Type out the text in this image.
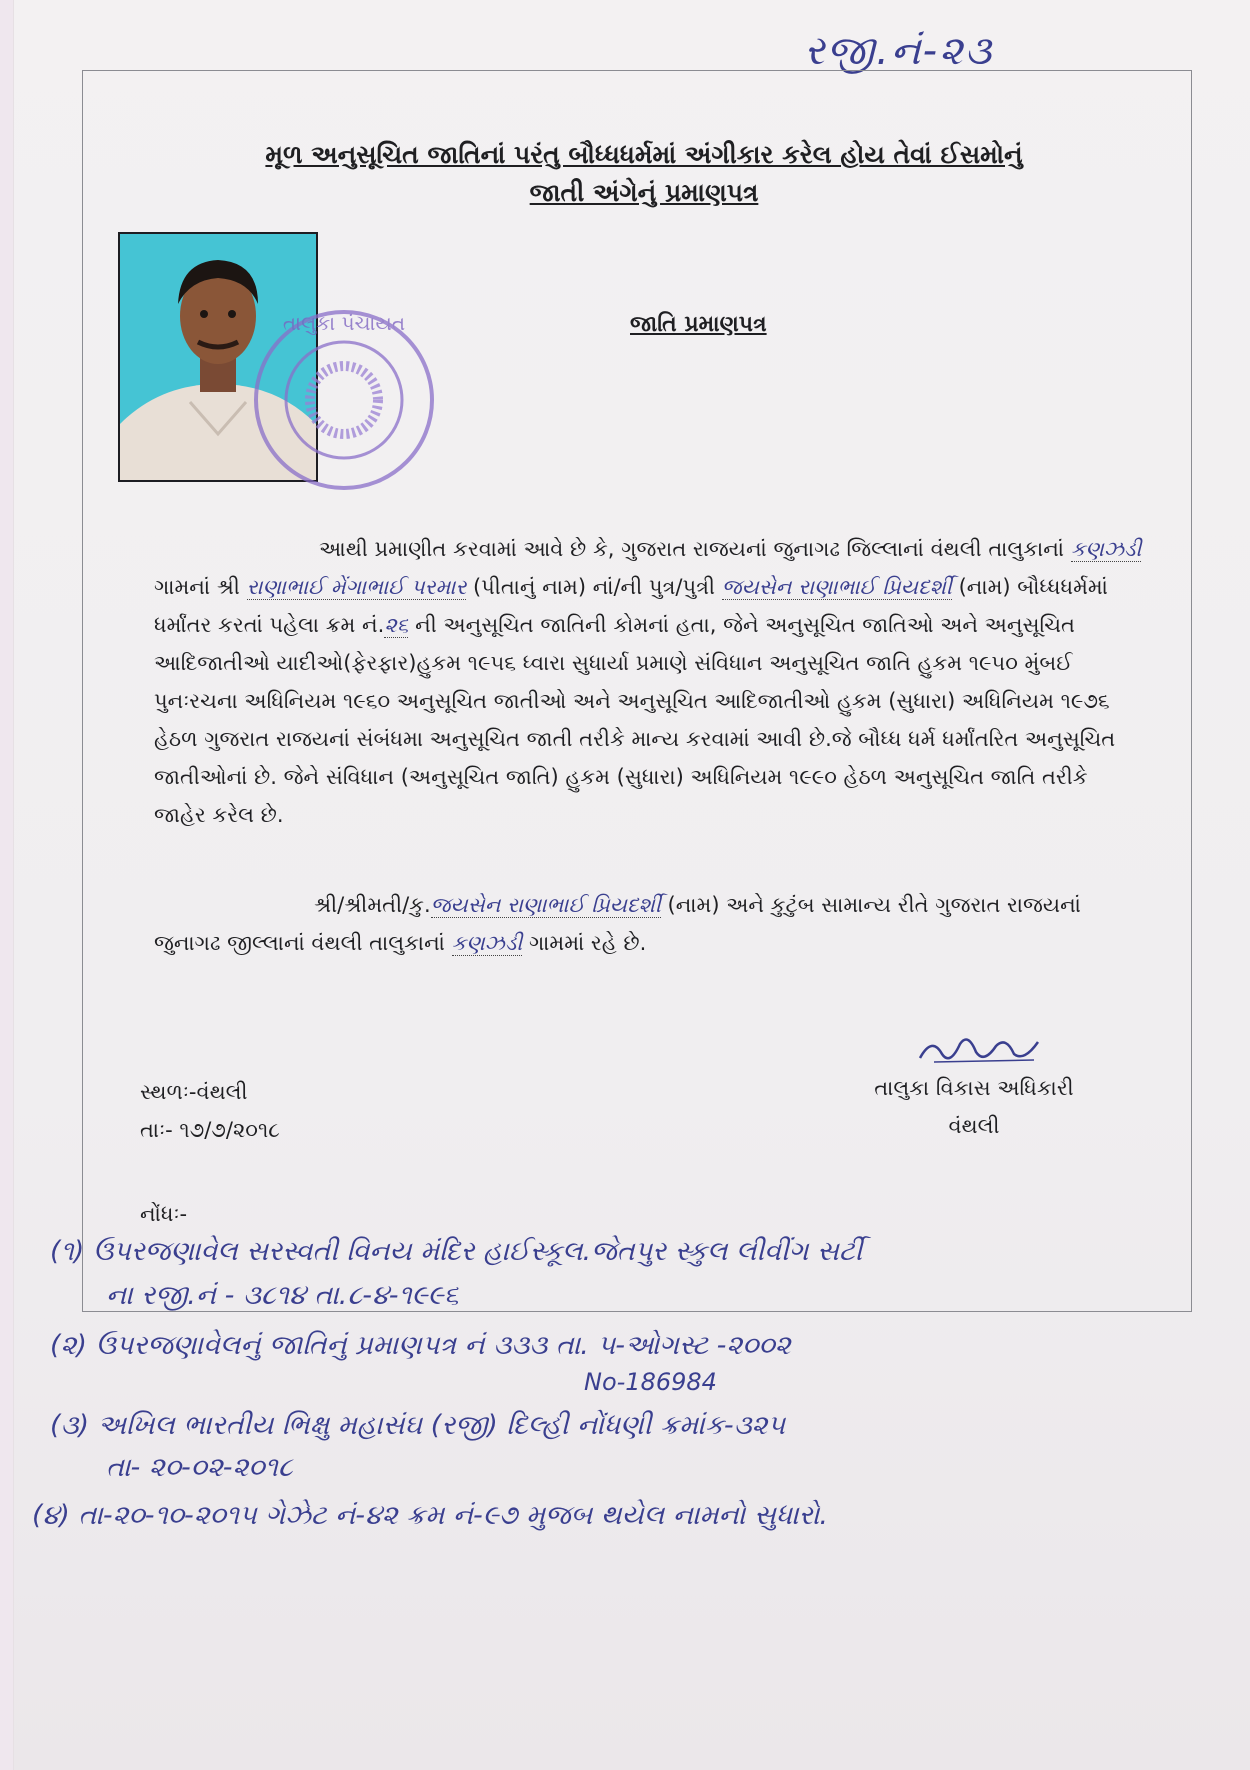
રજી.નં-૨૩
મૂળ અનુસૂચિત જાતિનાં પરંતુ બૌધ્ધધર્મમાં અંગીકાર કરેલ હોય તેવાં ઈસમોનું
જાતી અંગેનું પ્રમાણપત્ર
તાલુકા પંચાયત	જાતિ પ્રમાણપત્ર
આથી પ્રમાણીત કરવામાં આવે છે કે, ગુજરાત રાજયનાં જુનાગઢ જિલ્લાનાં વંથલી તાલુકાનાં કણઝડી ગામનાં શ્રી રાણાભાઈ મેંગાભાઈ પરમાર (પીતાનું નામ) નાં/ની પુત્ર/પુત્રી જયસેન રાણાભાઈ પ્રિયદર્શી (નામ) બૌધ્ધધર્મમાં ધર્માંતર કરતાં પહેલા ક્રમ નં.૨૬ ની અનુસૂચિત જાતિની કોમનાં હતા, જેને અનુસૂચિત જાતિઓ અને અનુસૂચિત આદિજાતીઓ યાદીઓ(ફેરફાર)હુકમ ૧૯૫૬ ધ્વારા સુધાર્યા પ્રમાણે સંવિધાન અનુસૂચિત જાતિ હુકમ ૧૯૫૦ મુંબઈ પુનઃરચના અધિનિયમ ૧૯૬૦ અનુસૂચિત જાતીઓ અને અનુસૂચિત આદિજાતીઓ હુકમ (સુધારા) અધિનિયમ ૧૯૭૬ હેઠળ ગુજરાત રાજયનાં સંબંધમા અનુસૂચિત જાતી તરીકે માન્ય કરવામાં આવી છે.જે બૌધ્ધ ધર્મ ધર્માંતરિત અનુસૂચિત જાતીઓનાં છે. જેને સંવિધાન (અનુસૂચિત જાતિ) હુકમ (સુધારા) અધિનિયમ ૧૯૯૦ હેઠળ અનુસૂચિત જાતિ તરીકે જાહેર કરેલ છે.
શ્રી/શ્રીમતી/કુ.જયસેન રાણાભાઈ પ્રિયદર્શી (નામ) અને કુટુંબ સામાન્ય રીતે ગુજરાત રાજયનાં જુનાગઢ જીલ્લાનાં વંથલી તાલુકાનાં કણઝડી ગામમાં રહે છે.
સ્થળઃ-વંથલી
તાઃ- ૧૭/૭/૨૦૧૮
તાલુકા વિકાસ અધિકારી
વંથલી
નોંધઃ-
(૧) ઉપરજણાવેલ સરસ્વતી વિનય મંદિર હાઈસ્કૂલ.જેતપુર સ્કુલ લીવીંગ સર્ટી
ના રજી.નં - ૩૮૧૪ તા.૮-૪-૧૯૯૬
(૨) ઉપરજણાવેલનું જાતિનું પ્રમાણપત્ર નં ૩૩૩ તા. ૫-ઓગસ્ટ -૨૦૦૨
No-186984
(૩) અખિલ ભારતીય ભિક્ષુ મહાસંઘ (રજી) દિલ્હી નોંધણી ક્રમાંક-૩૨૫
તા- ૨૦-૦૨-૨૦૧૮
(૪) તા-૨૦-૧૦-૨૦૧૫ ગેઝેટ નં-૪૨ ક્રમ નં-૯૭ મુજબ થયેલ નામનો સુધારો.
